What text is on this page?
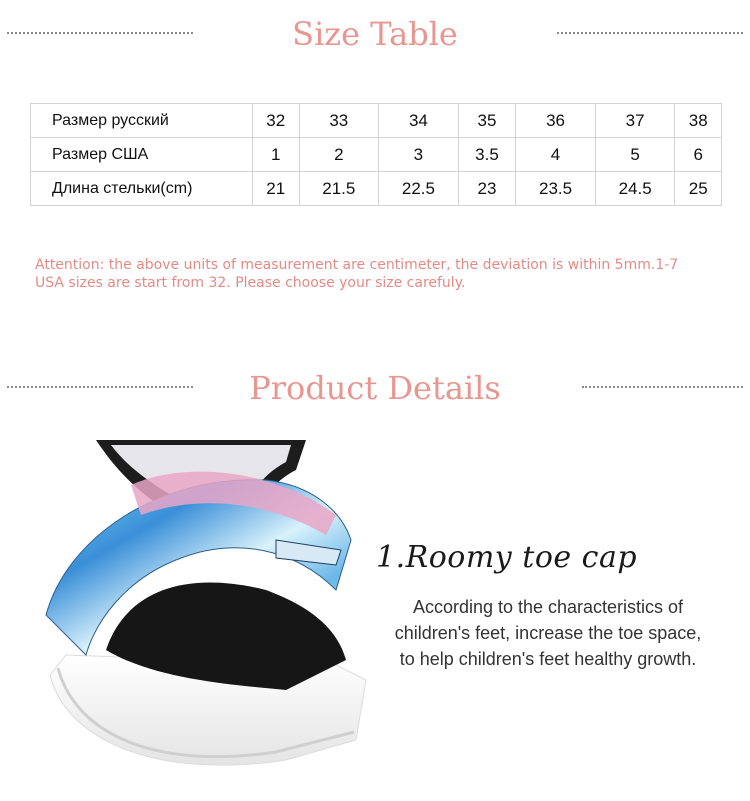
Size Table
Размер русский	32	33	34	35	36	37	38
Размер США	1	2	3	3.5	4	5	6
Длина стельки(cm)	21	21.5	22.5	23	23.5	24.5	25
Attention: the above units of measurement are centimeter, the deviation is within 5mm.1-7
USA sizes are start from 32. Please choose your size carefuly.
Product Details
1.Roomy toe cap
According to the characteristics of
children's feet, increase the toe space,
to help children's feet healthy growth.
